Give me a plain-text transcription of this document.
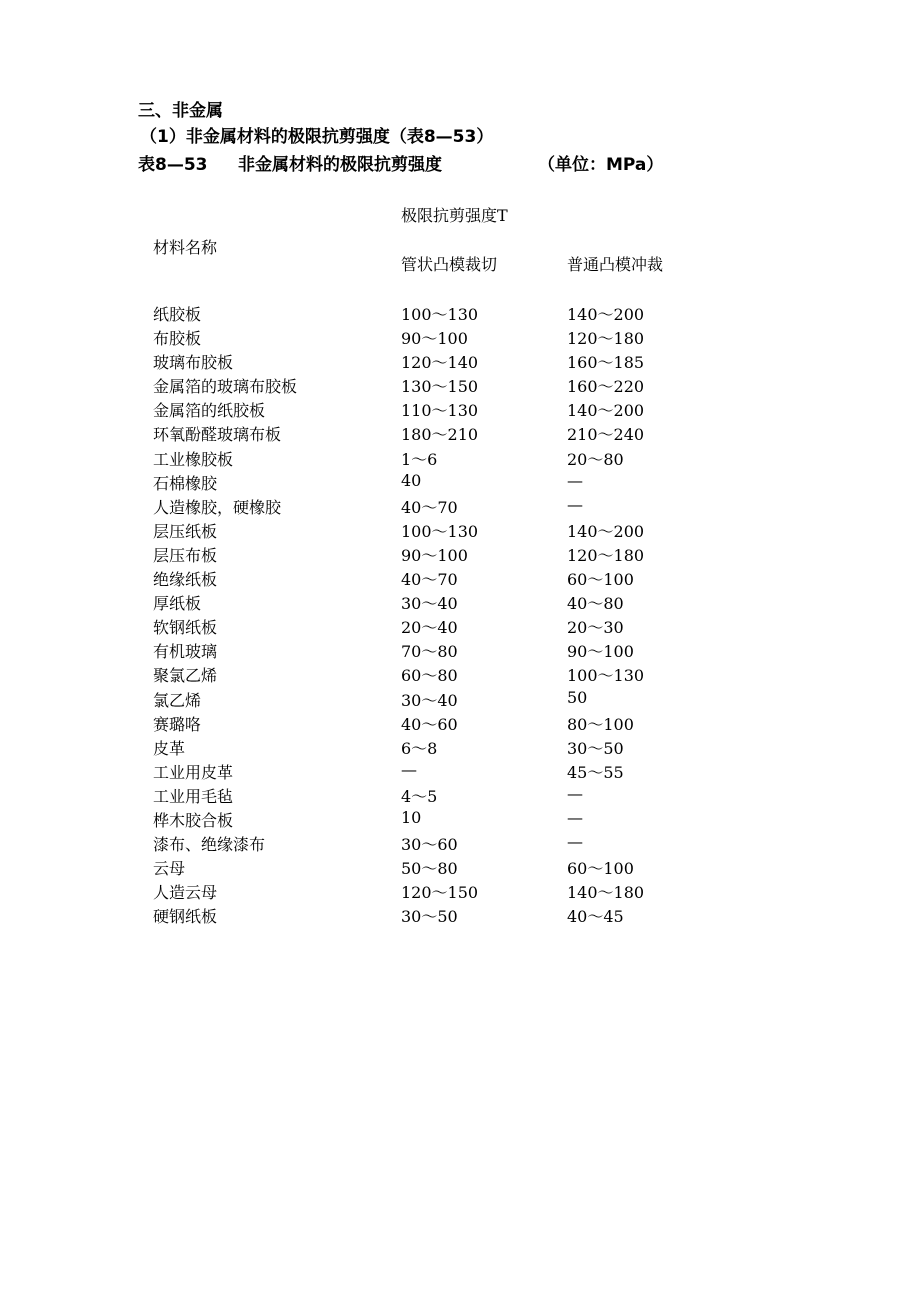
三、非金属
（1）非金属材料的极限抗剪强度（表8—53）
表8—53 非金属材料的极限抗剪强度	（单位：MPa）
极限抗剪强度T
材料名称
管状凸模裁切	普通凸模冲裁
纸胶板	100～130	140～200
布胶板	90～100	120～180
玻璃布胶板	120～140	160～185
金属箔的玻璃布胶板	130～150	160～220
金属箔的纸胶板	110～130	140～200
环氧酚醛玻璃布板	180～210	210～240
工业橡胶板	1～6	20～80
石棉橡胶	40	—
人造橡胶，硬橡胶	40～70	—
层压纸板	100～130	140～200
层压布板	90～100	120～180
绝缘纸板	40～70	60～100
厚纸板	30～40	40～80
软钢纸板	20～40	20～30
有机玻璃	70～80	90～100
聚氯乙烯	60～80	100～130
氯乙烯	30～40	50
赛璐咯	40～60	80～100
皮革	6～8	30～50
工业用皮革	—	45～55
工业用毛毡	4～5	—
桦木胶合板	10	—
漆布、绝缘漆布	30～60	—
云母	50～80	60～100
人造云母	120～150	140～180
硬钢纸板	30～50	40～45
